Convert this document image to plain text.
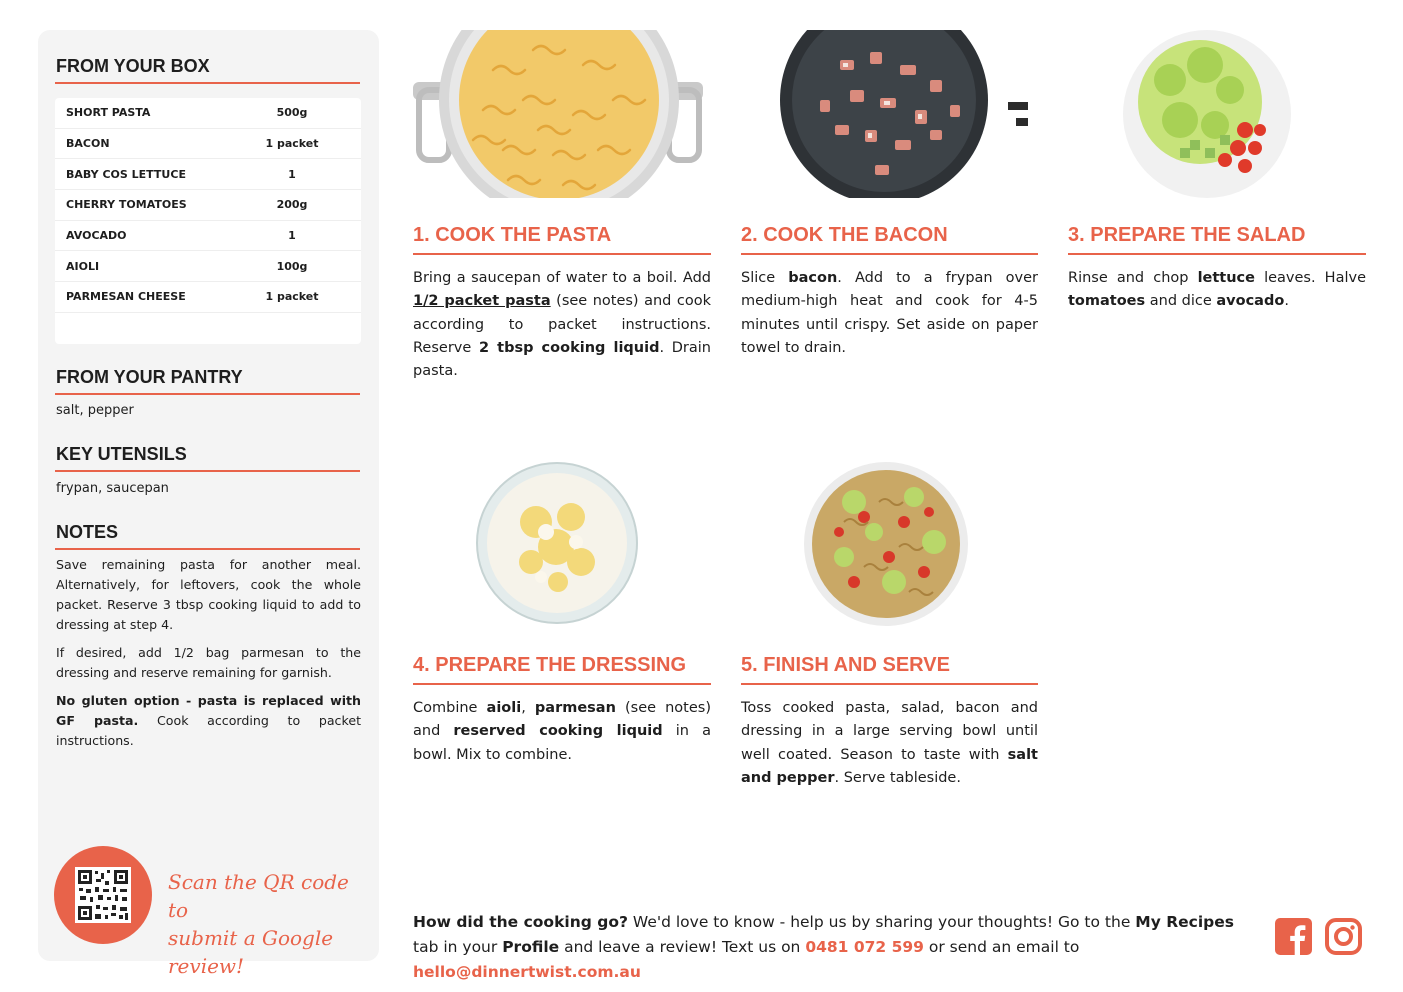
FROM YOUR BOX
SHORT PASTA	500g
BACON	1 packet
BABY COS LETTUCE	1
CHERRY TOMATOES	200g
AVOCADO	1
AIOLI	100g
PARMESAN CHEESE	1 packet
FROM YOUR PANTRY
salt, pepper
KEY UTENSILS
frypan, saucepan
NOTES

Save remaining pasta for another meal. Alternatively, for leftovers, cook the whole packet. Reserve 3 tbsp cooking liquid to add to dressing at step 4.

If desired, add 1/2 bag parmesan to the dressing and reserve remaining for garnish.

No gluten option - pasta is replaced with GF pasta. Cook according to packet instructions.

Scan the QR code to
submit a Google review!
1. COOK THE PASTA
Bring a saucepan of water to a boil. Add 1/2 packet pasta (see notes) and cook according to packet instructions. Reserve 2 tbsp cooking liquid. Drain pasta.
2. COOK THE BACON
Slice bacon. Add to a frypan over medium-high heat and cook for 4-5 minutes until crispy. Set aside on paper towel to drain.
3. PREPARE THE SALAD
Rinse and chop lettuce leaves. Halve tomatoes and dice avocado.
4. PREPARE THE DRESSING
Combine aioli, parmesan (see notes) and reserved cooking liquid in a bowl. Mix to combine.
5. FINISH AND SERVE
Toss cooked pasta, salad, bacon and dressing in a large serving bowl until well coated. Season to taste with salt and pepper. Serve tableside.
How did the cooking go? We'd love to know - help us by sharing your thoughts! Go to the My Recipes tab in your Profile and leave a review! Text us on 0481 072 599 or send an email to hello@dinnertwist.com.au
